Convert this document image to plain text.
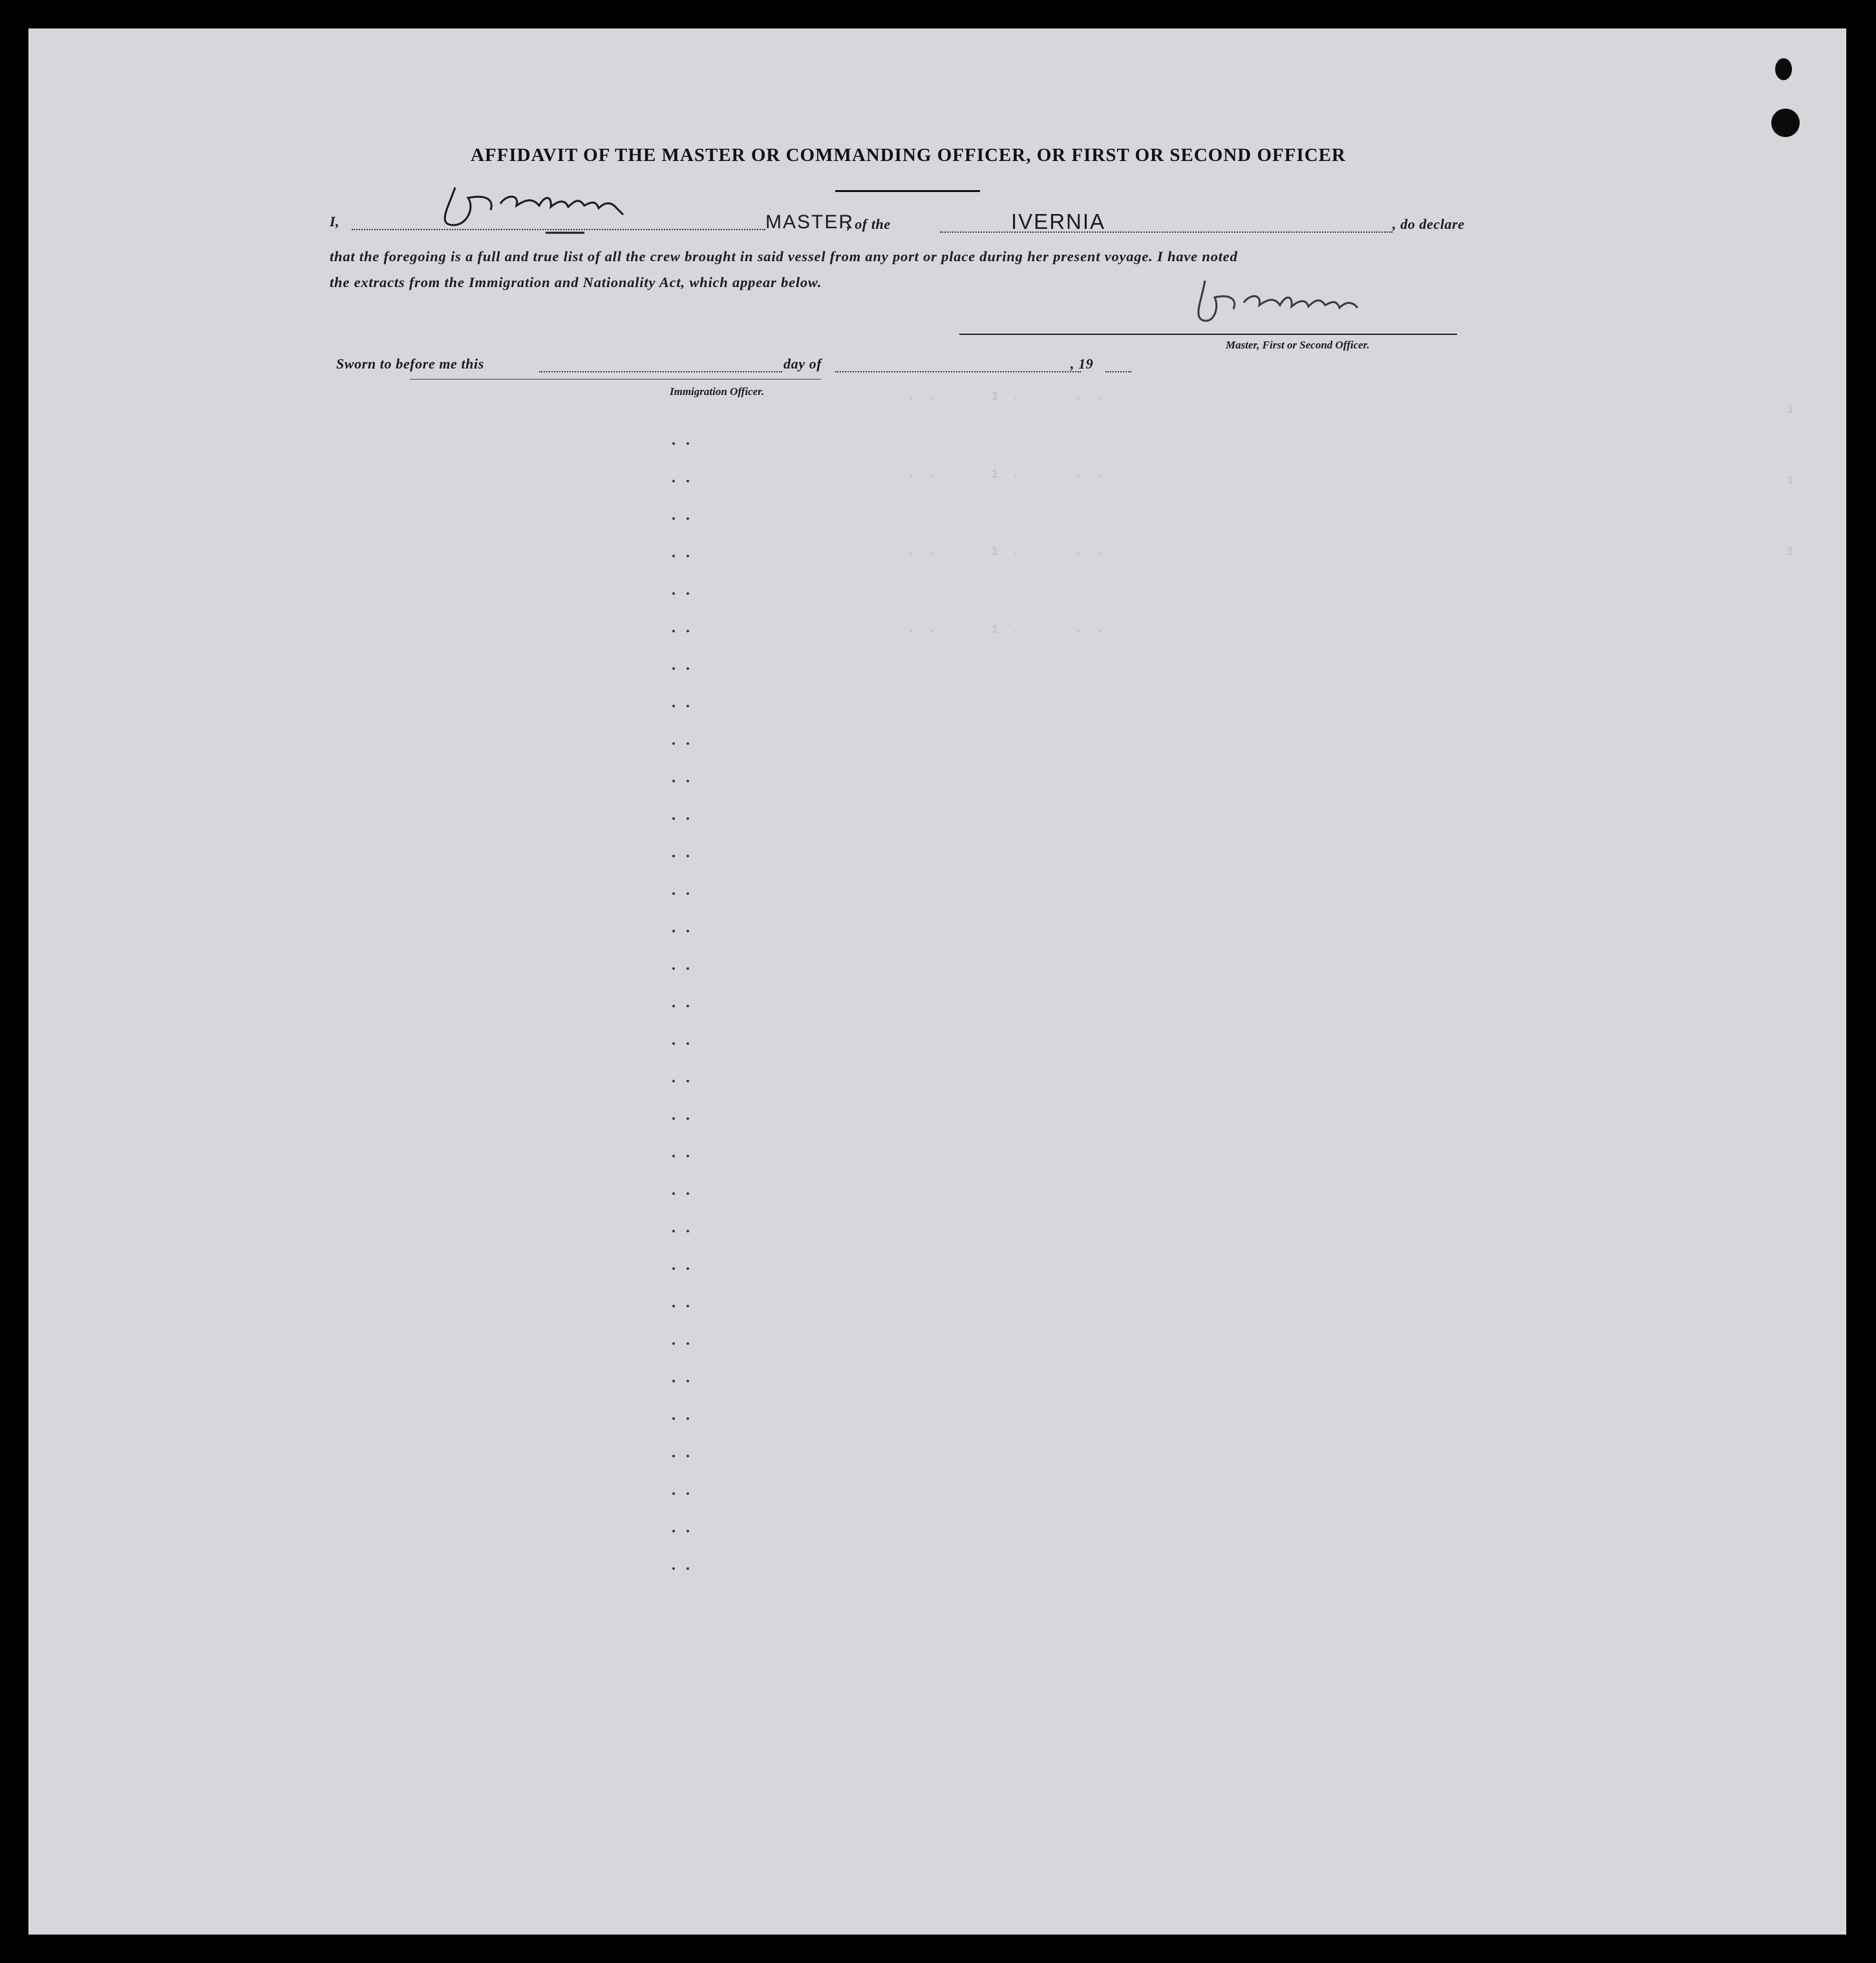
.  .        1  .        .  .
.  .        1  .        .  .
.  .        1  .        .  .
.  .        1  .        .  .
1
1
1
AFFIDAVIT OF THE MASTER OR COMMANDING OFFICER, OR FIRST OR SECOND OFFICER
I,	MASTER
, of the	IVERNIA	, do declare
that the foregoing is a full and true list of all the crew brought in said vessel from any port or place during her present voyage. I have noted
the extracts from the Immigration and Nationality Act, which appear below.
Master, First or Second Officer.
Sworn to before me this	day of	, 19
Immigration Officer.
